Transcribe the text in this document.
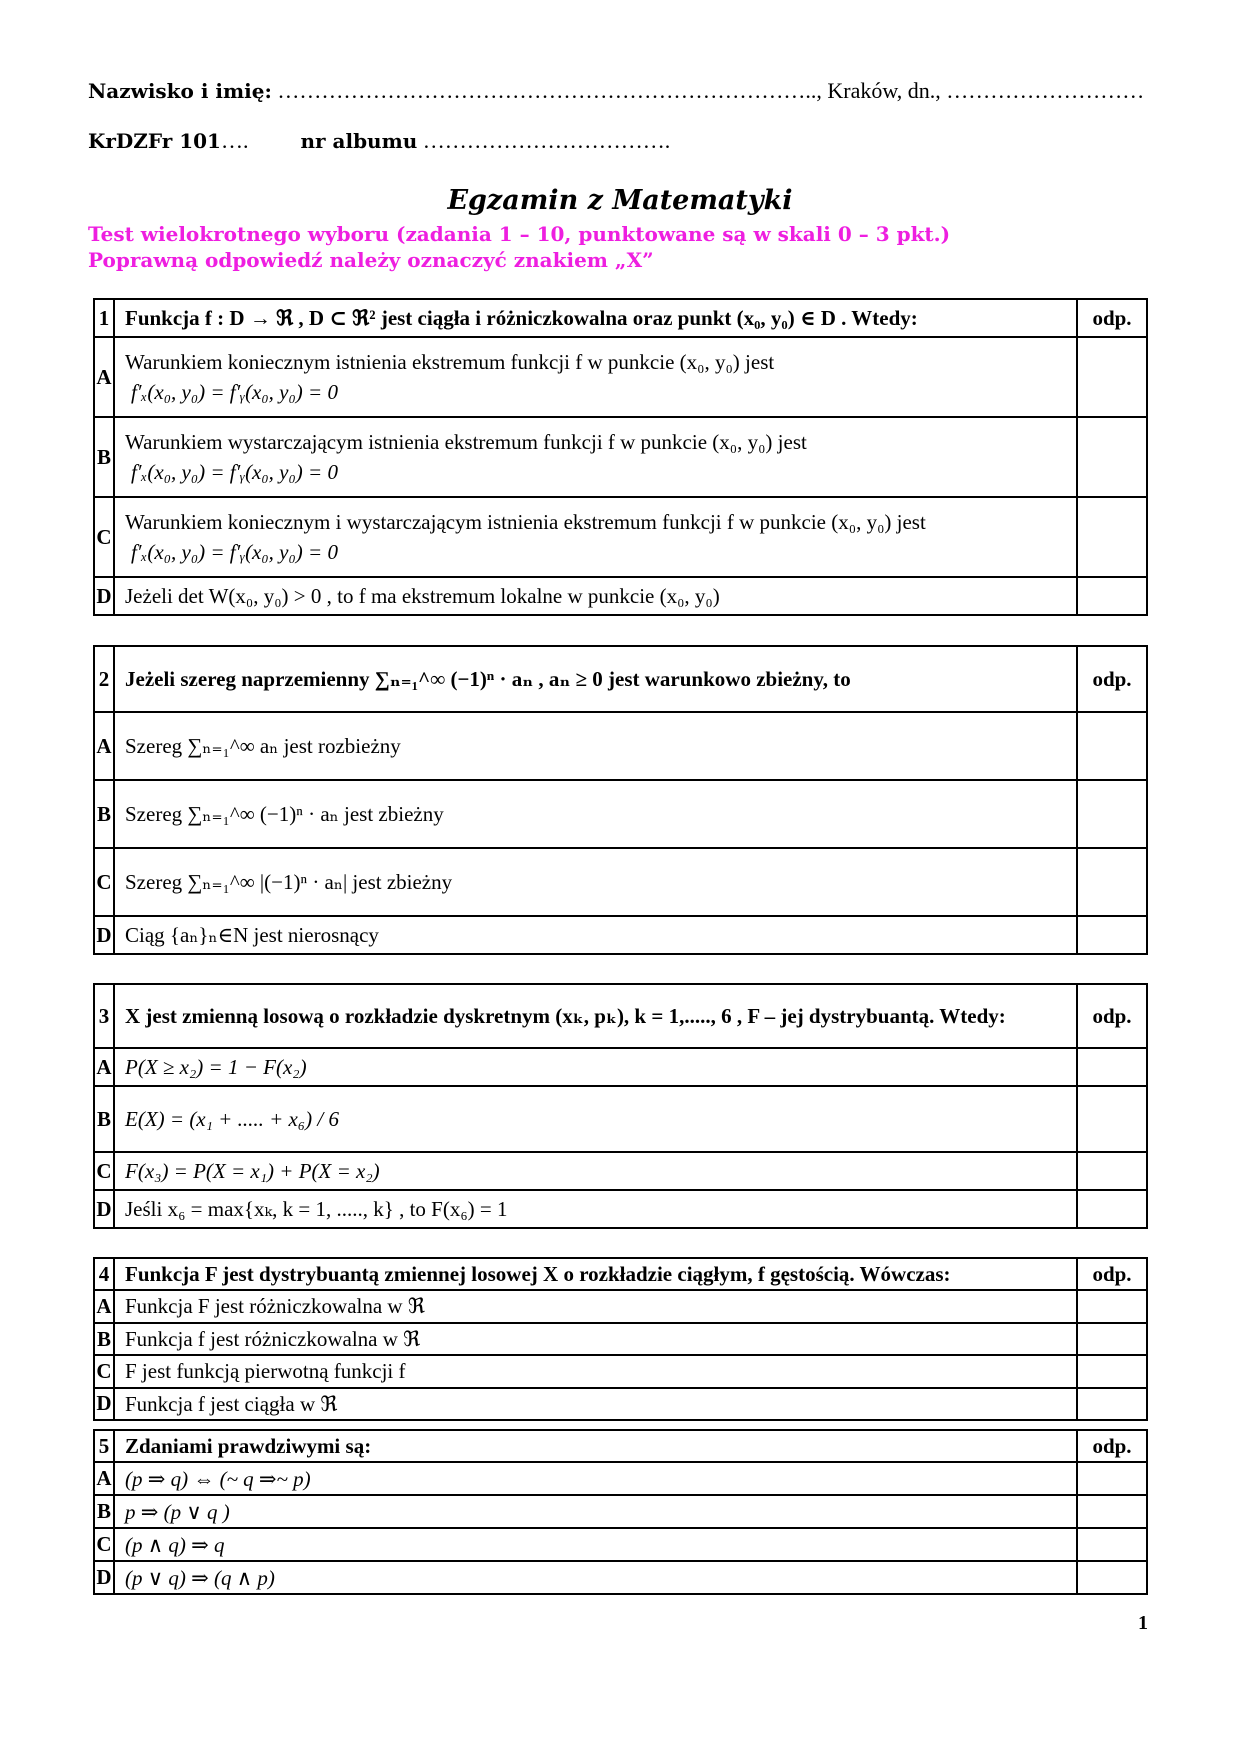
Nazwisko i imię: ……………………………………………………………….., Kraków, dn., ………………………
KrDZFr 101….	nr albumu …………………………….
Egzamin z Matematyki
Test wielokrotnego wyboru (zadania 1 – 10, punktowane są w skali 0 – 3 pkt.)
Poprawną odpowiedź należy oznaczyć znakiem „X”
1	Funkcja f : D → ℜ , D ⊂ ℜ² jest ciągła i różniczkowalna oraz punkt (x₀, y₀) ∈ D . Wtedy:	odp.
A	Warunkiem koniecznym istnienia ekstremum funkcji f w punkcie (x₀, y₀) jest
f′ₓ(x₀, y₀) = f′ᵧ(x₀, y₀) = 0	

B	Warunkiem wystarczającym istnienia ekstremum funkcji f w punkcie (x₀, y₀) jest
f′ₓ(x₀, y₀) = f′ᵧ(x₀, y₀) = 0	

C	Warunkiem koniecznym i wystarczającym istnienia ekstremum funkcji f w punkcie (x₀, y₀) jest
f′ₓ(x₀, y₀) = f′ᵧ(x₀, y₀) = 0	

D	Jeżeli det W(x₀, y₀) > 0 , to f ma ekstremum lokalne w punkcie (x₀, y₀)	
2	Jeżeli szereg naprzemienny ∑ₙ₌₁^∞ (−1)ⁿ · aₙ , aₙ ≥ 0 jest warunkowo zbieżny, to	odp.
A	Szereg ∑ₙ₌₁^∞ aₙ jest rozbieżny	
B	Szereg ∑ₙ₌₁^∞ (−1)ⁿ · aₙ jest zbieżny	
C	Szereg ∑ₙ₌₁^∞ |(−1)ⁿ · aₙ| jest zbieżny	
D	Ciąg {aₙ}ₙ∈N jest nierosnący	
3	X jest zmienną losową o rozkładzie dyskretnym (xₖ, pₖ), k = 1,....., 6 , F – jej dystrybuantą. Wtedy:	odp.
A	P(X ≥ x₂) = 1 − F(x₂)	
B	E(X) = (x₁ + ..... + x₆) / 6	
C	F(x₃) = P(X = x₁) + P(X = x₂)	
D	Jeśli x₆ = max{xₖ, k = 1, ....., k} , to F(x₆) = 1	
4	Funkcja F jest dystrybuantą zmiennej losowej X o rozkładzie ciągłym, f gęstością. Wówczas:	odp.
A	Funkcja F jest różniczkowalna w ℜ	
B	Funkcja f jest różniczkowalna w ℜ	
C	F jest funkcją pierwotną funkcji f	
D	Funkcja f jest ciągła w ℜ	
5	Zdaniami prawdziwymi są:	odp.
A	(p ⇒ q) ⇔ (~ q ⇒~ p)	
B	p ⇒ (p ∨ q )	
C	(p ∧ q) ⇒ q	
D	(p ∨ q) ⇒ (q ∧ p)	
1
